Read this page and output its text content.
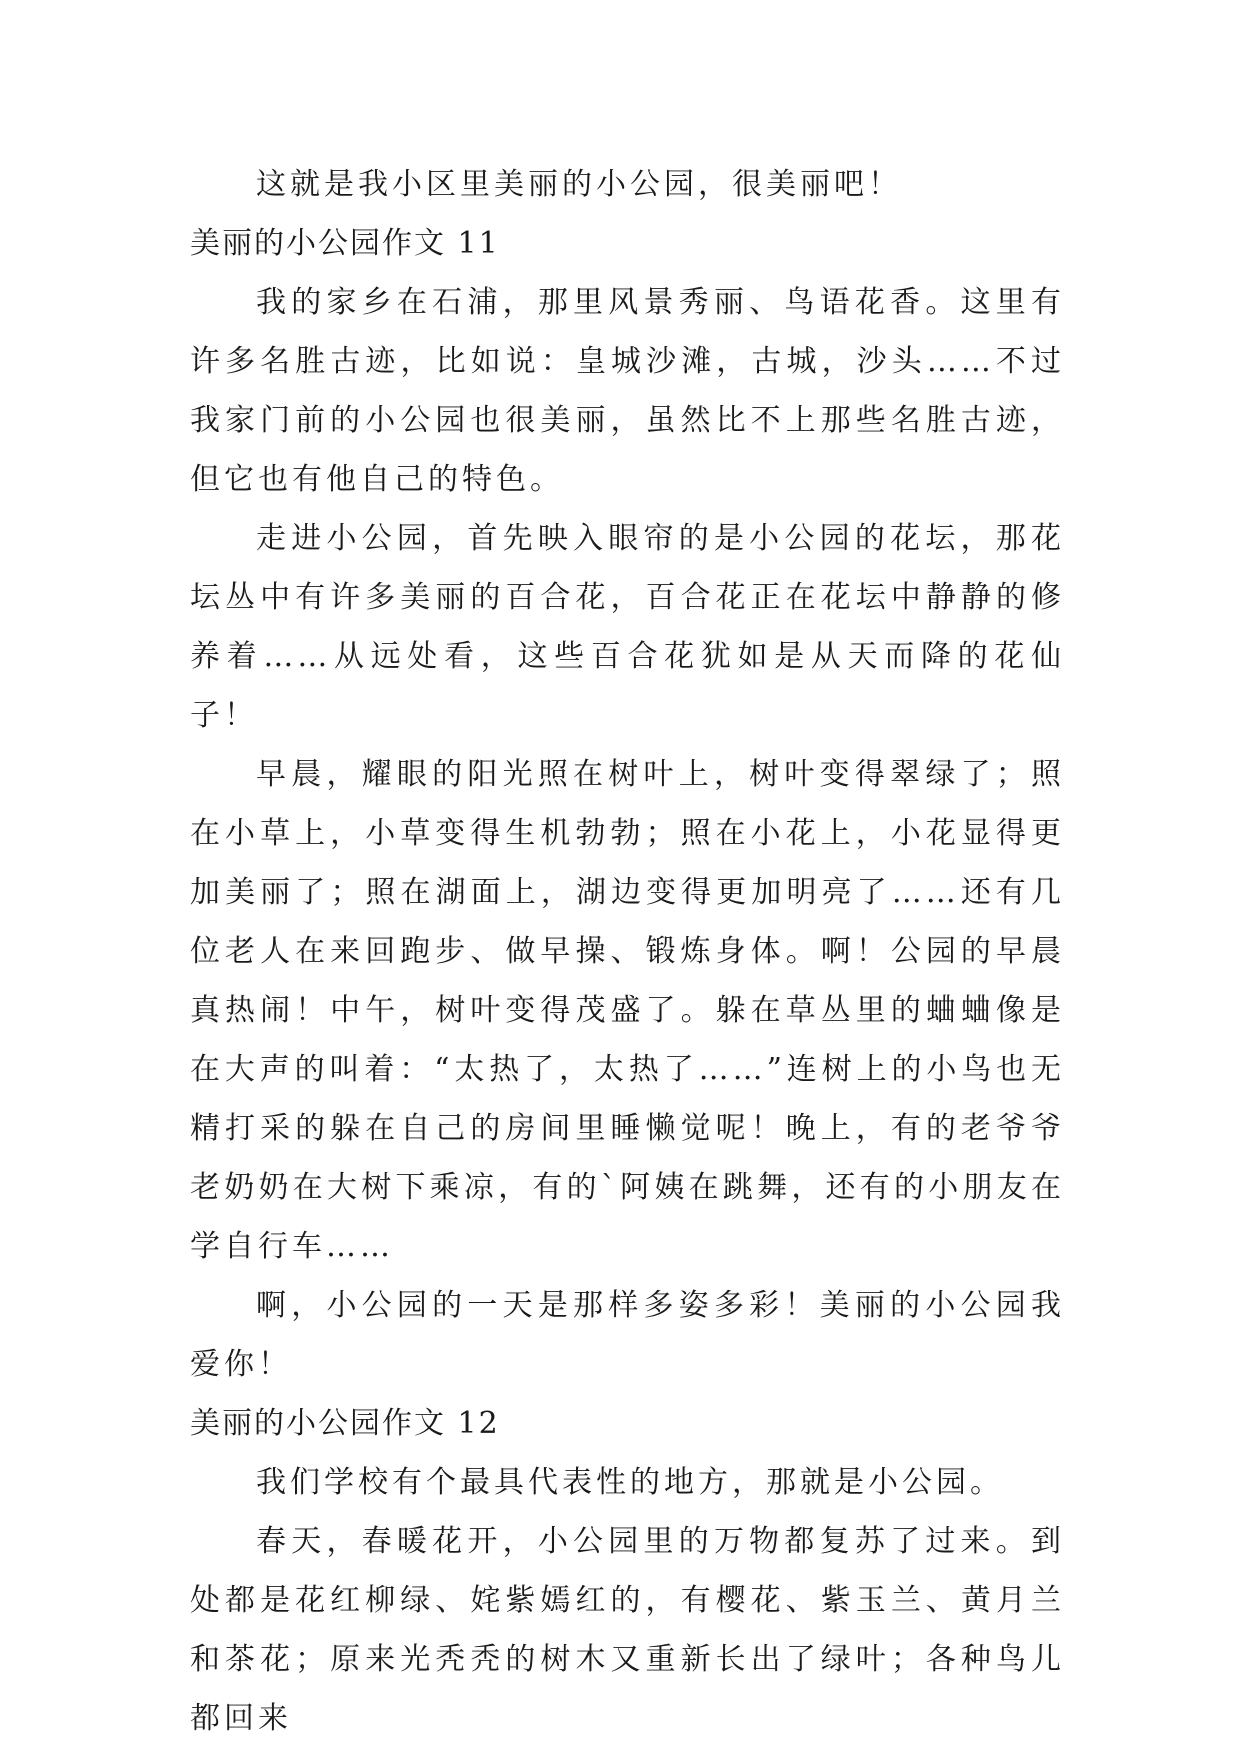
这就是我小区里美丽的小公园，很美丽吧！

美丽的小公园作文 11

我的家乡在石浦，那里风景秀丽、鸟语花香。这里有许多名胜古迹，比如说：皇城沙滩，古城，沙头……不过我家门前的小公园也很美丽，虽然比不上那些名胜古迹，但它也有他自己的特色。

走进小公园，首先映入眼帘的是小公园的花坛，那花坛丛中有许多美丽的百合花，百合花正在花坛中静静的修养着……从远处看，这些百合花犹如是从天而降的花仙子！

早晨，耀眼的阳光照在树叶上，树叶变得翠绿了；照在小草上，小草变得生机勃勃；照在小花上，小花显得更加美丽了；照在湖面上，湖边变得更加明亮了……还有几位老人在来回跑步、做早操、锻炼身体。啊！公园的早晨真热闹！中午，树叶变得茂盛了。躲在草丛里的蛐蛐像是在大声的叫着：“太热了，太热了……”连树上的小鸟也无精打采的躲在自己的房间里睡懒觉呢！晚上，有的老爷爷老奶奶在大树下乘凉，有的`阿姨在跳舞，还有的小朋友在学自行车……

啊，小公园的一天是那样多姿多彩！美丽的小公园我爱你！

美丽的小公园作文 12

我们学校有个最具代表性的地方，那就是小公园。

春天，春暖花开，小公园里的万物都复苏了过来。到处都是花红柳绿、姹紫嫣红的，有樱花、紫玉兰、黄月兰和茶花；原来光秃秃的树木又重新长出了绿叶；各种鸟儿都回来
